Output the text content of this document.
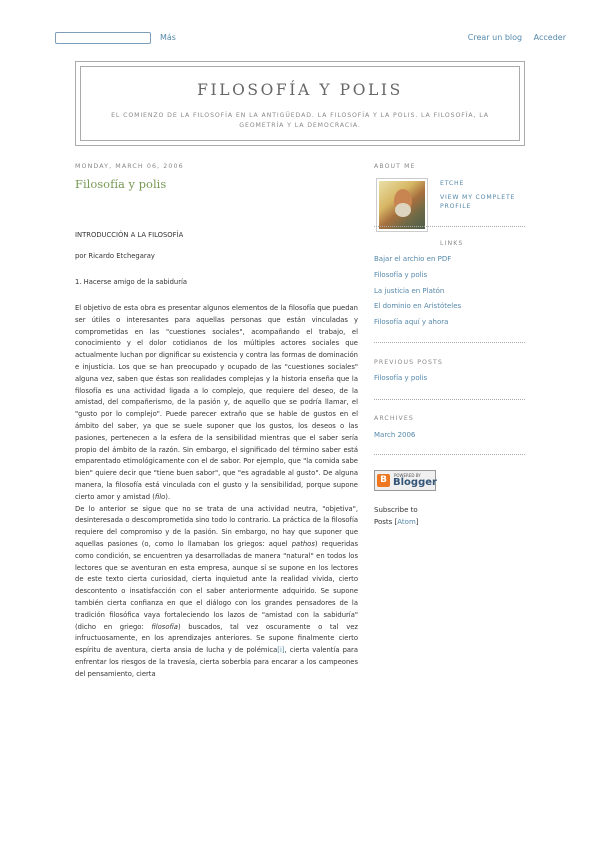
Más	Crear un blog Acceder
FILOSOFÍA Y POLIS
EL COMIENZO DE LA FILOSOFÍA EN LA ANTIGÜEDAD. LA FILOSOFÍA Y LA POLIS. LA FILOSOFÍA, LA GEOMETRÍA Y LA DEMOCRACIA.
MONDAY, MARCH 06, 2006
Filosofía y polis
INTRODUCCIÓN A LA FILOSOFÍA
por Ricardo Etchegaray
1. Hacerse amigo de la sabiduría

El objetivo de esta obra es presentar algunos elementos de la filosofía que puedan ser útiles o interesantes para aquellas personas que están vinculadas y comprometidas en las "cuestiones sociales", acompañando el trabajo, el conocimiento y el dolor cotidianos de los múltiples actores sociales que actualmente luchan por dignificar su existencia y contra las formas de dominación e injusticia. Los que se han preocupado y ocupado de las "cuestiones sociales" alguna vez, saben que éstas son realidades complejas y la historia enseña que la filosofía es una actividad ligada a lo complejo, que requiere del deseo, de la amistad, del compañerismo, de la pasión y, de aquello que se podría llamar, el "gusto por lo complejo". Puede parecer extraño que se hable de gustos en el ámbito del saber, ya que se suele suponer que los gustos, los deseos o las pasiones, pertenecen a la esfera de la sensibilidad mientras que el saber sería propio del ámbito de la razón. Sin embargo, el significado del término saber está emparentado etimológicamente con el de sabor. Por ejemplo, que "la comida sabe bien" quiere decir que "tiene buen sabor", que "es agradable al gusto". De alguna manera, la filosofía está vinculada con el gusto y la sensibilidad, porque supone cierto amor y amistad (filo).

De lo anterior se sigue que no se trata de una actividad neutra, "objetiva", desinteresada o descomprometida sino todo lo contrario. La práctica de la filosofía requiere del compromiso y de la pasión. Sin embargo, no hay que suponer que aquellas pasiones (o, como lo llamaban los griegos: aquel pathos) requeridas como condición, se encuentren ya desarrolladas de manera "natural" en todos los lectores que se aventuran en esta empresa, aunque sí se supone en los lectores de este texto cierta curiosidad, cierta inquietud ante la realidad vivida, cierto descontento o insatisfacción con el saber anteriormente adquirido. Se supone también cierta confianza en que el diálogo con los grandes pensadores de la tradición filosófica vaya fortaleciendo los lazos de "amistad con la sabiduría" (dicho en griego: filosofía) buscados, tal vez oscuramente o tal vez infructuosamente, en los aprendizajes anteriores. Se supone finalmente cierto espíritu de aventura, cierta ansia de lucha y de polémica[i], cierta valentía para enfrentar los riesgos de la travesía, cierta soberbia para encarar a los campeones del pensamiento, cierta

ABOUT ME
ETCHE
VIEW MY COMPLETE PROFILE
LINKS
Bajar el archio en PDF
Filosofía y polis
La justicia en Platón
El dominio en Aristóteles
Filosofía aquí y ahora
PREVIOUS POSTS
Filosofía y polis
ARCHIVES
March 2006
B	POWERED BY
Blogger
Subscribe to
Posts [Atom]
